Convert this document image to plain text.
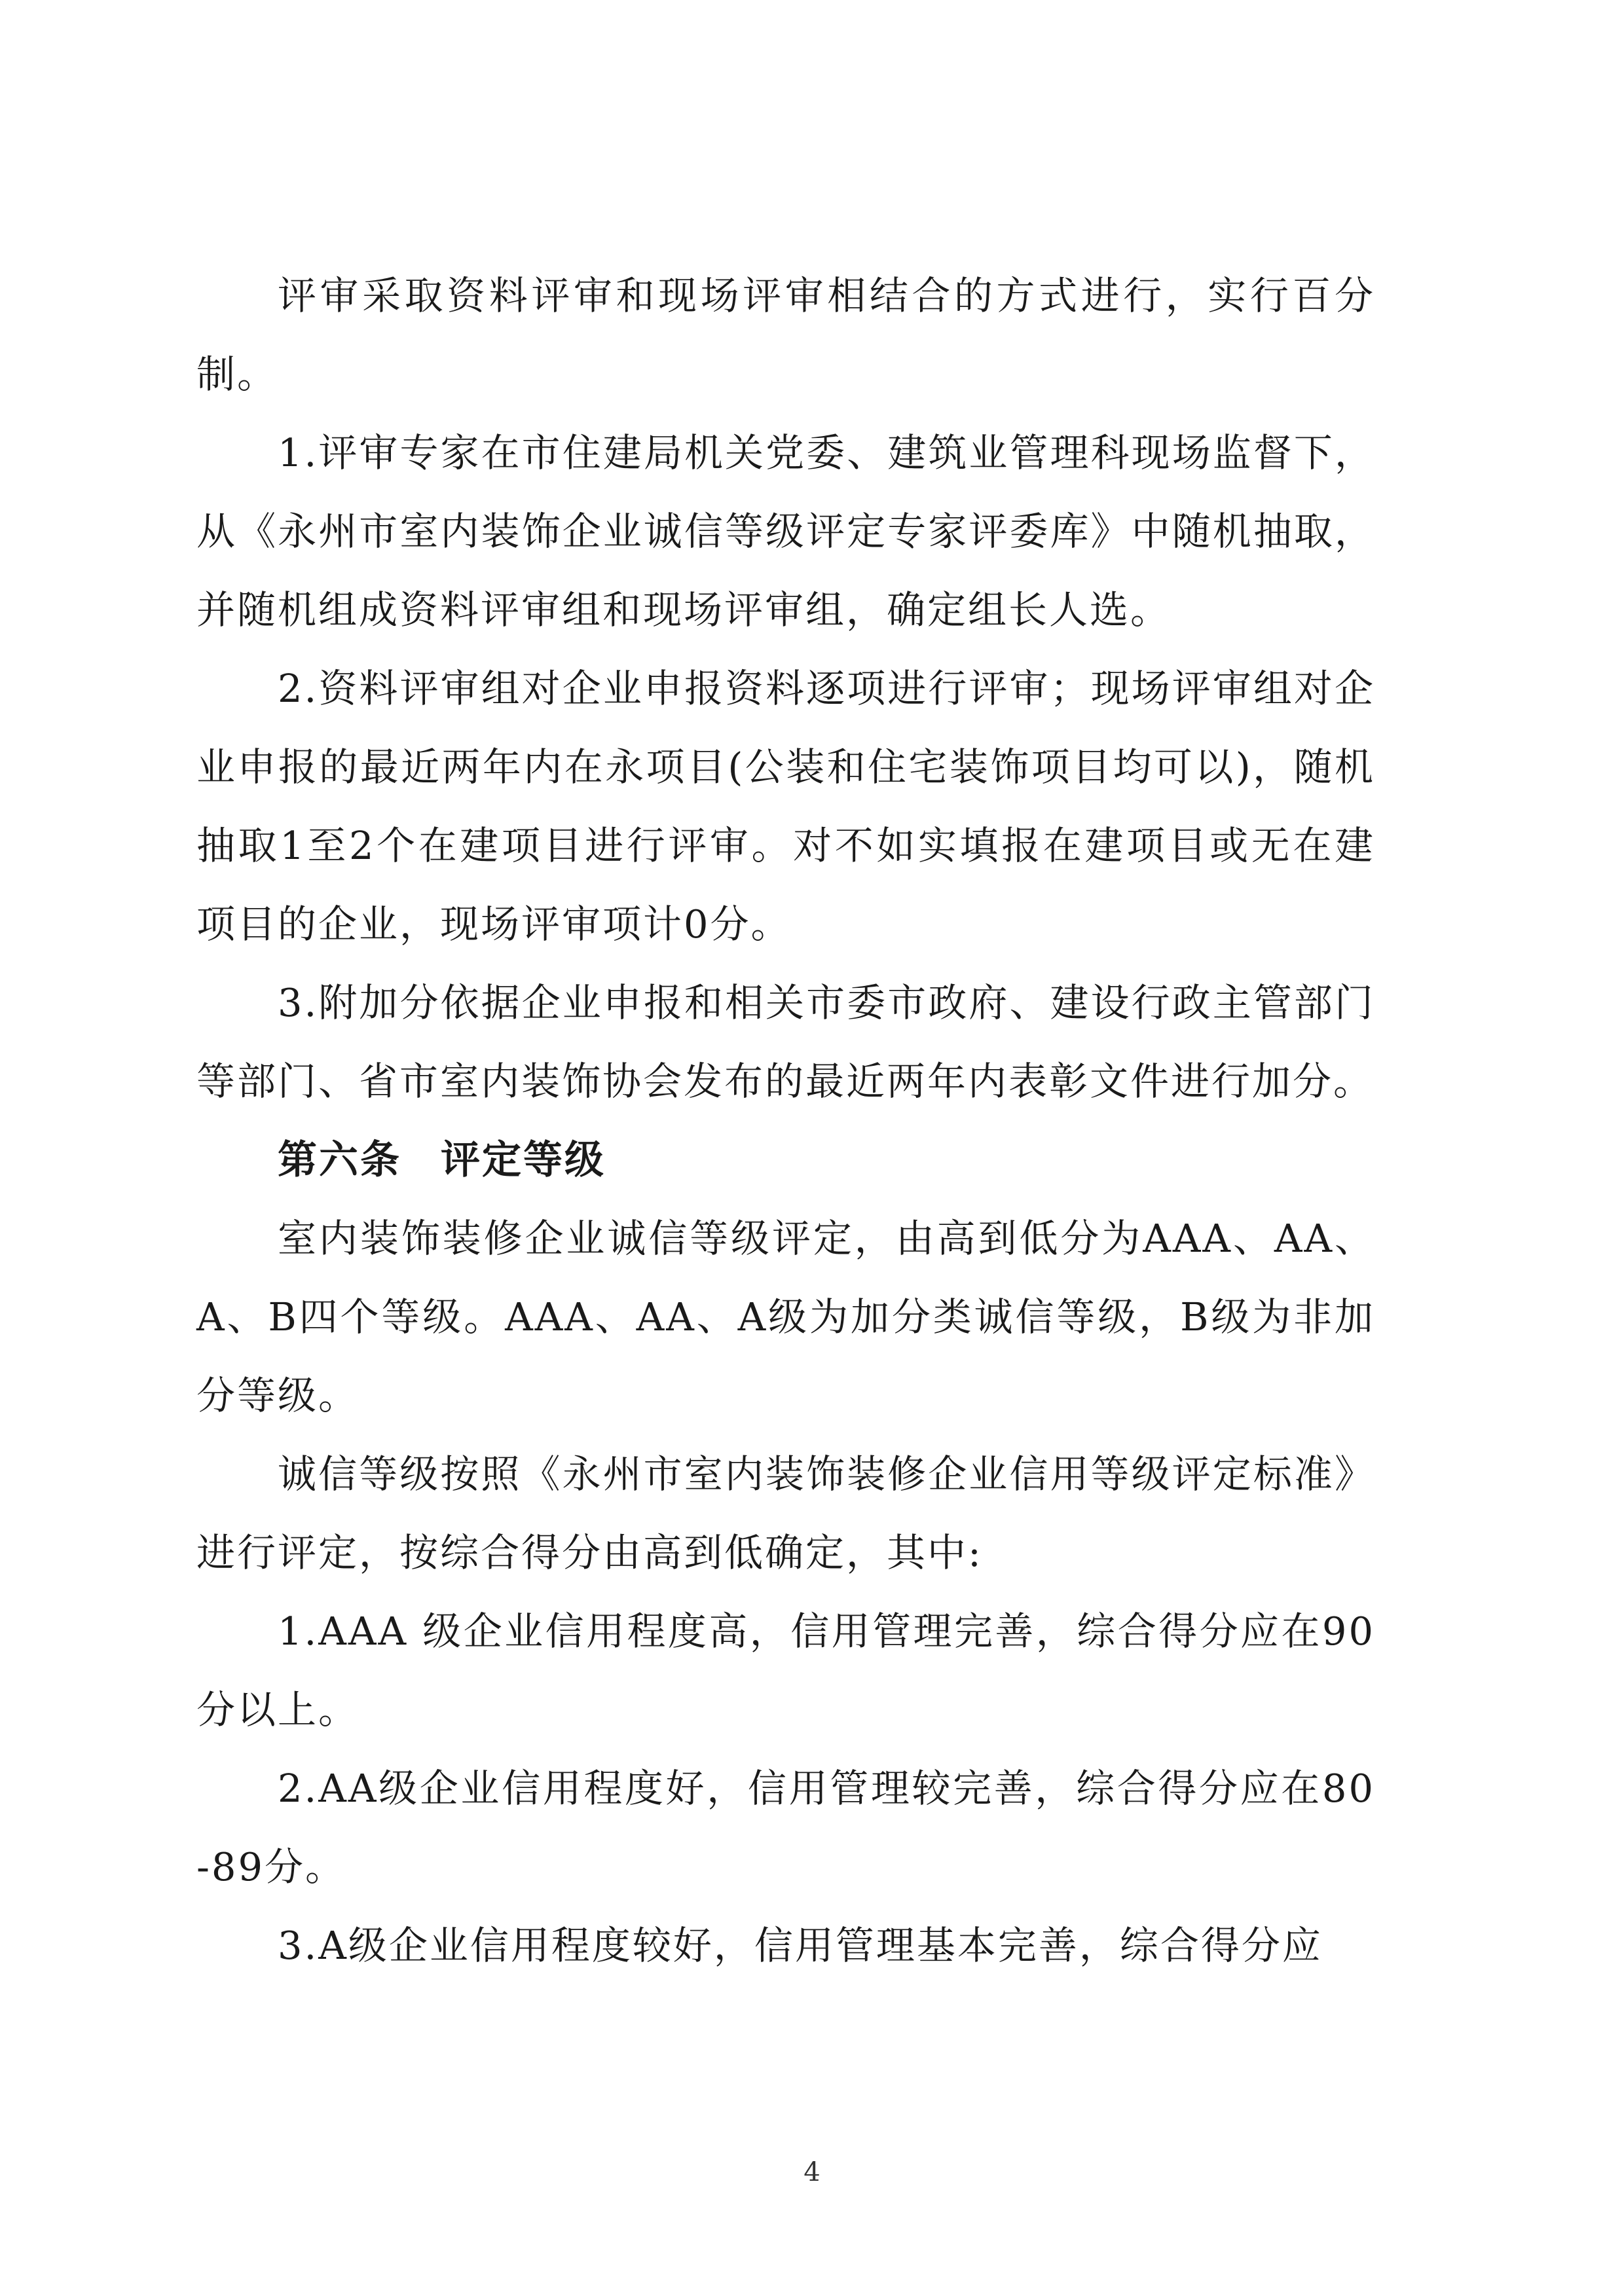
评审采取资料评审和现场评审相结合的方式进行，实行百分制。

1.评审专家在市住建局机关党委、建筑业管理科现场监督下，从《永州市室内装饰企业诚信等级评定专家评委库》中随机抽取，并随机组成资料评审组和现场评审组，确定组长人选。

2.资料评审组对企业申报资料逐项进行评审；现场评审组对企业申报的最近两年内在永项目(公装和住宅装饰项目均可以)，随机抽取1至2个在建项目进行评审。对不如实填报在建项目或无在建项目的企业，现场评审项计0分。

3.附加分依据企业申报和相关市委市政府、建设行政主管部门等部门、省市室内装饰协会发布的最近两年内表彰文件进行加分。

第六条 评定等级

室内装饰装修企业诚信等级评定，由高到低分为AAA、AA、A、B四个等级。AAA、AA、A级为加分类诚信等级，B级为非加分等级。

诚信等级按照《永州市室内装饰装修企业信用等级评定标准》进行评定，按综合得分由高到低确定，其中:

1.AAA 级企业信用程度高，信用管理完善，综合得分应在90分以上。

2.AA级企业信用程度好，信用管理较完善，综合得分应在80-89分。

3.A级企业信用程度较好，信用管理基本完善，综合得分应

4
